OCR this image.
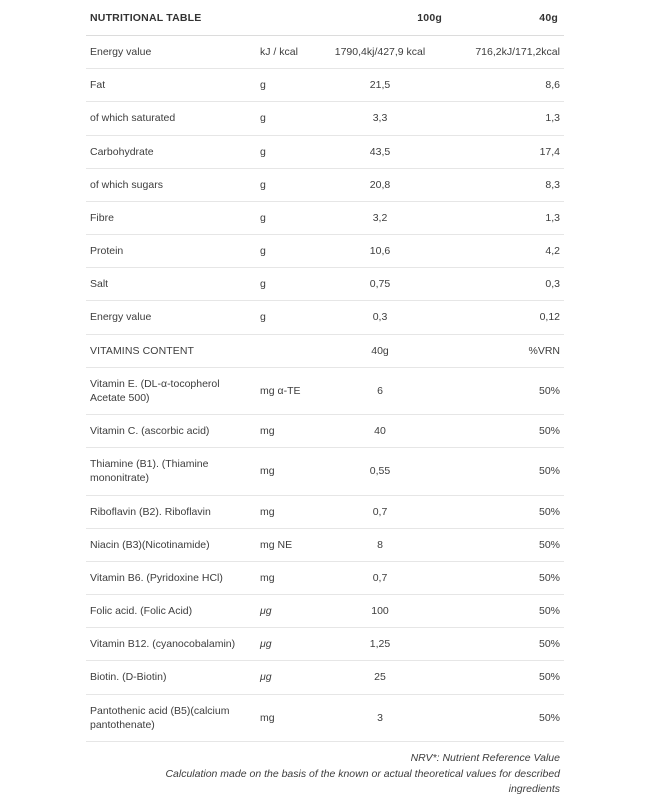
NUTRITIONAL TABLE		100g	40g
Energy value	kJ / kcal	1790,4kj/427,9 kcal	716,2kJ/171,2kcal
Fat	g	21,5	8,6
of which saturated	g	3,3	1,3
Carbohydrate	g	43,5	17,4
of which sugars	g	20,8	8,3
Fibre	g	3,2	1,3
Protein	g	10,6	4,2
Salt	g	0,75	0,3
Energy value	g	0,3	0,12
VITAMINS CONTENT		40g	%VRN
Vitamin E. (DL-α-tocopherol Acetate 500)	mg α-TE	6	50%
Vitamin C. (ascorbic acid)	mg	40	50%
Thiamine (B1). (Thiamine mononitrate)	mg	0,55	50%
Riboflavin (B2). Riboflavin	mg	0,7	50%
Niacin (B3)(Nicotinamide)	mg NE	8	50%
Vitamin B6. (Pyridoxine HCl)	mg	0,7	50%
Folic acid. (Folic Acid)	μg	100	50%
Vitamin B12. (cyanocobalamin)	μg	1,25	50%
Biotin. (D-Biotin)	μg	25	50%
Pantothenic acid (B5)(calcium pantothenate)	mg	3	50%
NRV*: Nutrient Reference Value
Calculation made on the basis of the known or actual theoretical values for described
ingredients
